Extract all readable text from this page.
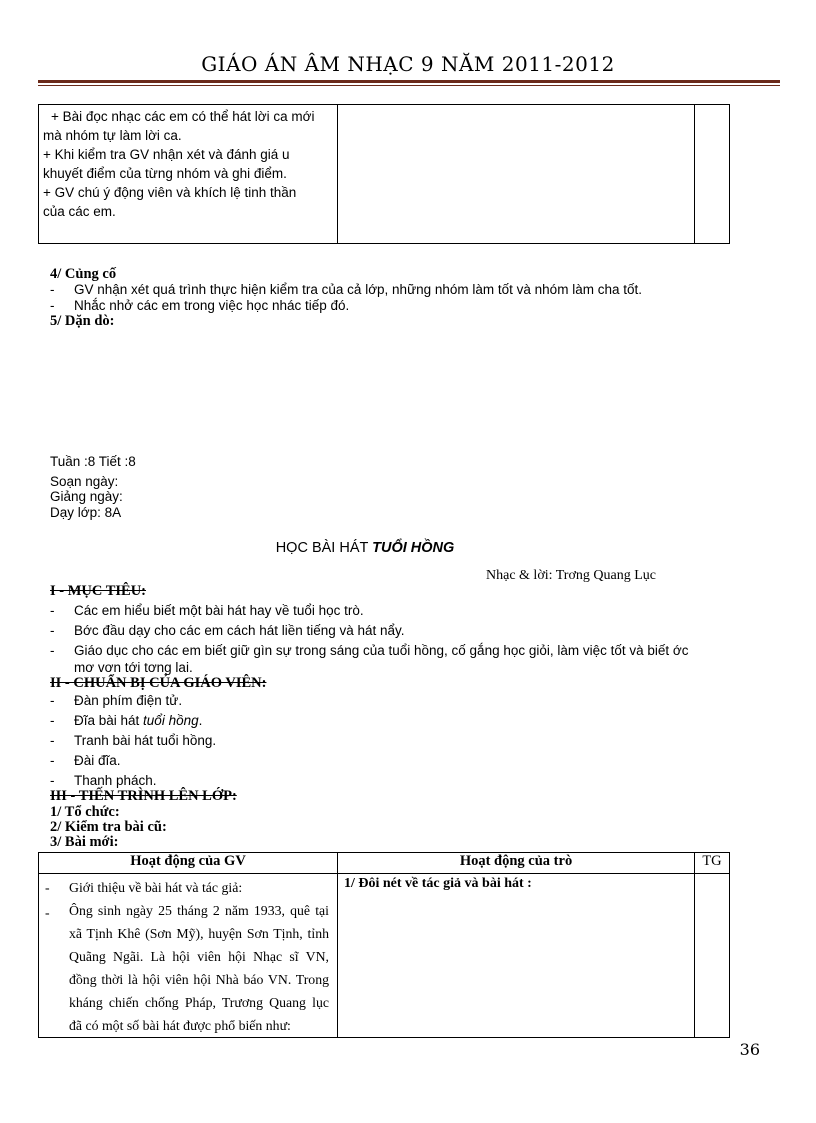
GIÁO ÁN ÂM NHẠC 9 NĂM 2011-2012
+ Bài đọc nhạc các em có thể hát lời ca mới
mà nhóm tự làm lời ca.
+ Khi kiểm tra GV nhận xét và đánh giá u
khuyết điểm của từng nhóm và ghi điểm.
+ GV chú ý động viên và khích lệ tinh thần
của các em.

4/ Củng cố
- GV nhận xét quá trình thực hiện kiểm tra của cả lớp, những nhóm làm tốt và nhóm làm cha tốt.
- Nhắc nhở các em trong việc học nhác tiếp đó.
5/ Dặn dò:
Tuần :8 Tiết :8
Soạn ngày:
Giảng ngày:
Dạy lớp: 8A
HỌC BÀI HÁT TUỔI HỒNG
Nhạc & lời: Trơng Quang Lục
I - MỤC TIÊU:
- Các em hiểu biết một bài hát hay về tuổi học trò.
- Bớc đầu dạy cho các em cách hát liền tiếng và hát nẩy.
- Giáo dục cho các em biết giữ gìn sự trong sáng của tuổi hồng, cố gắng học giỏi, làm việc tốt và biết ớc
mơ vơn tới tơng lai.
II - CHUẨN BỊ CỦA GIÁO VIÊN:
- Đàn phím điện tử.
- Đĩa bài hát tuổi hồng.
- Tranh bài hát tuổi hồng.
- Đài đĩa.
- Thanh phách.
III - TIẾN TRÌNH LÊN LỚP:
1/ Tổ chức:
2/ Kiểm tra bài cũ:
3/ Bài mới:
Hoạt động của GV	Hoạt động của trò	TG

- Giới thiệu về bài hát và tác giả:
- Ông sinh ngày 25 tháng 2 năm 1933, quê tại xã Tịnh Khê (Sơn Mỹ), huyện Sơn Tịnh, tỉnh Quãng Ngãi. Là hội viên hội Nhạc sĩ VN, đồng thời là hội viên hội Nhà báo VN. Trong kháng chiến chống Pháp, Trương Quang lục đã có một số bài hát được phổ biến như:	1/ Đôi nét về tác giả và bài hát :	

36
